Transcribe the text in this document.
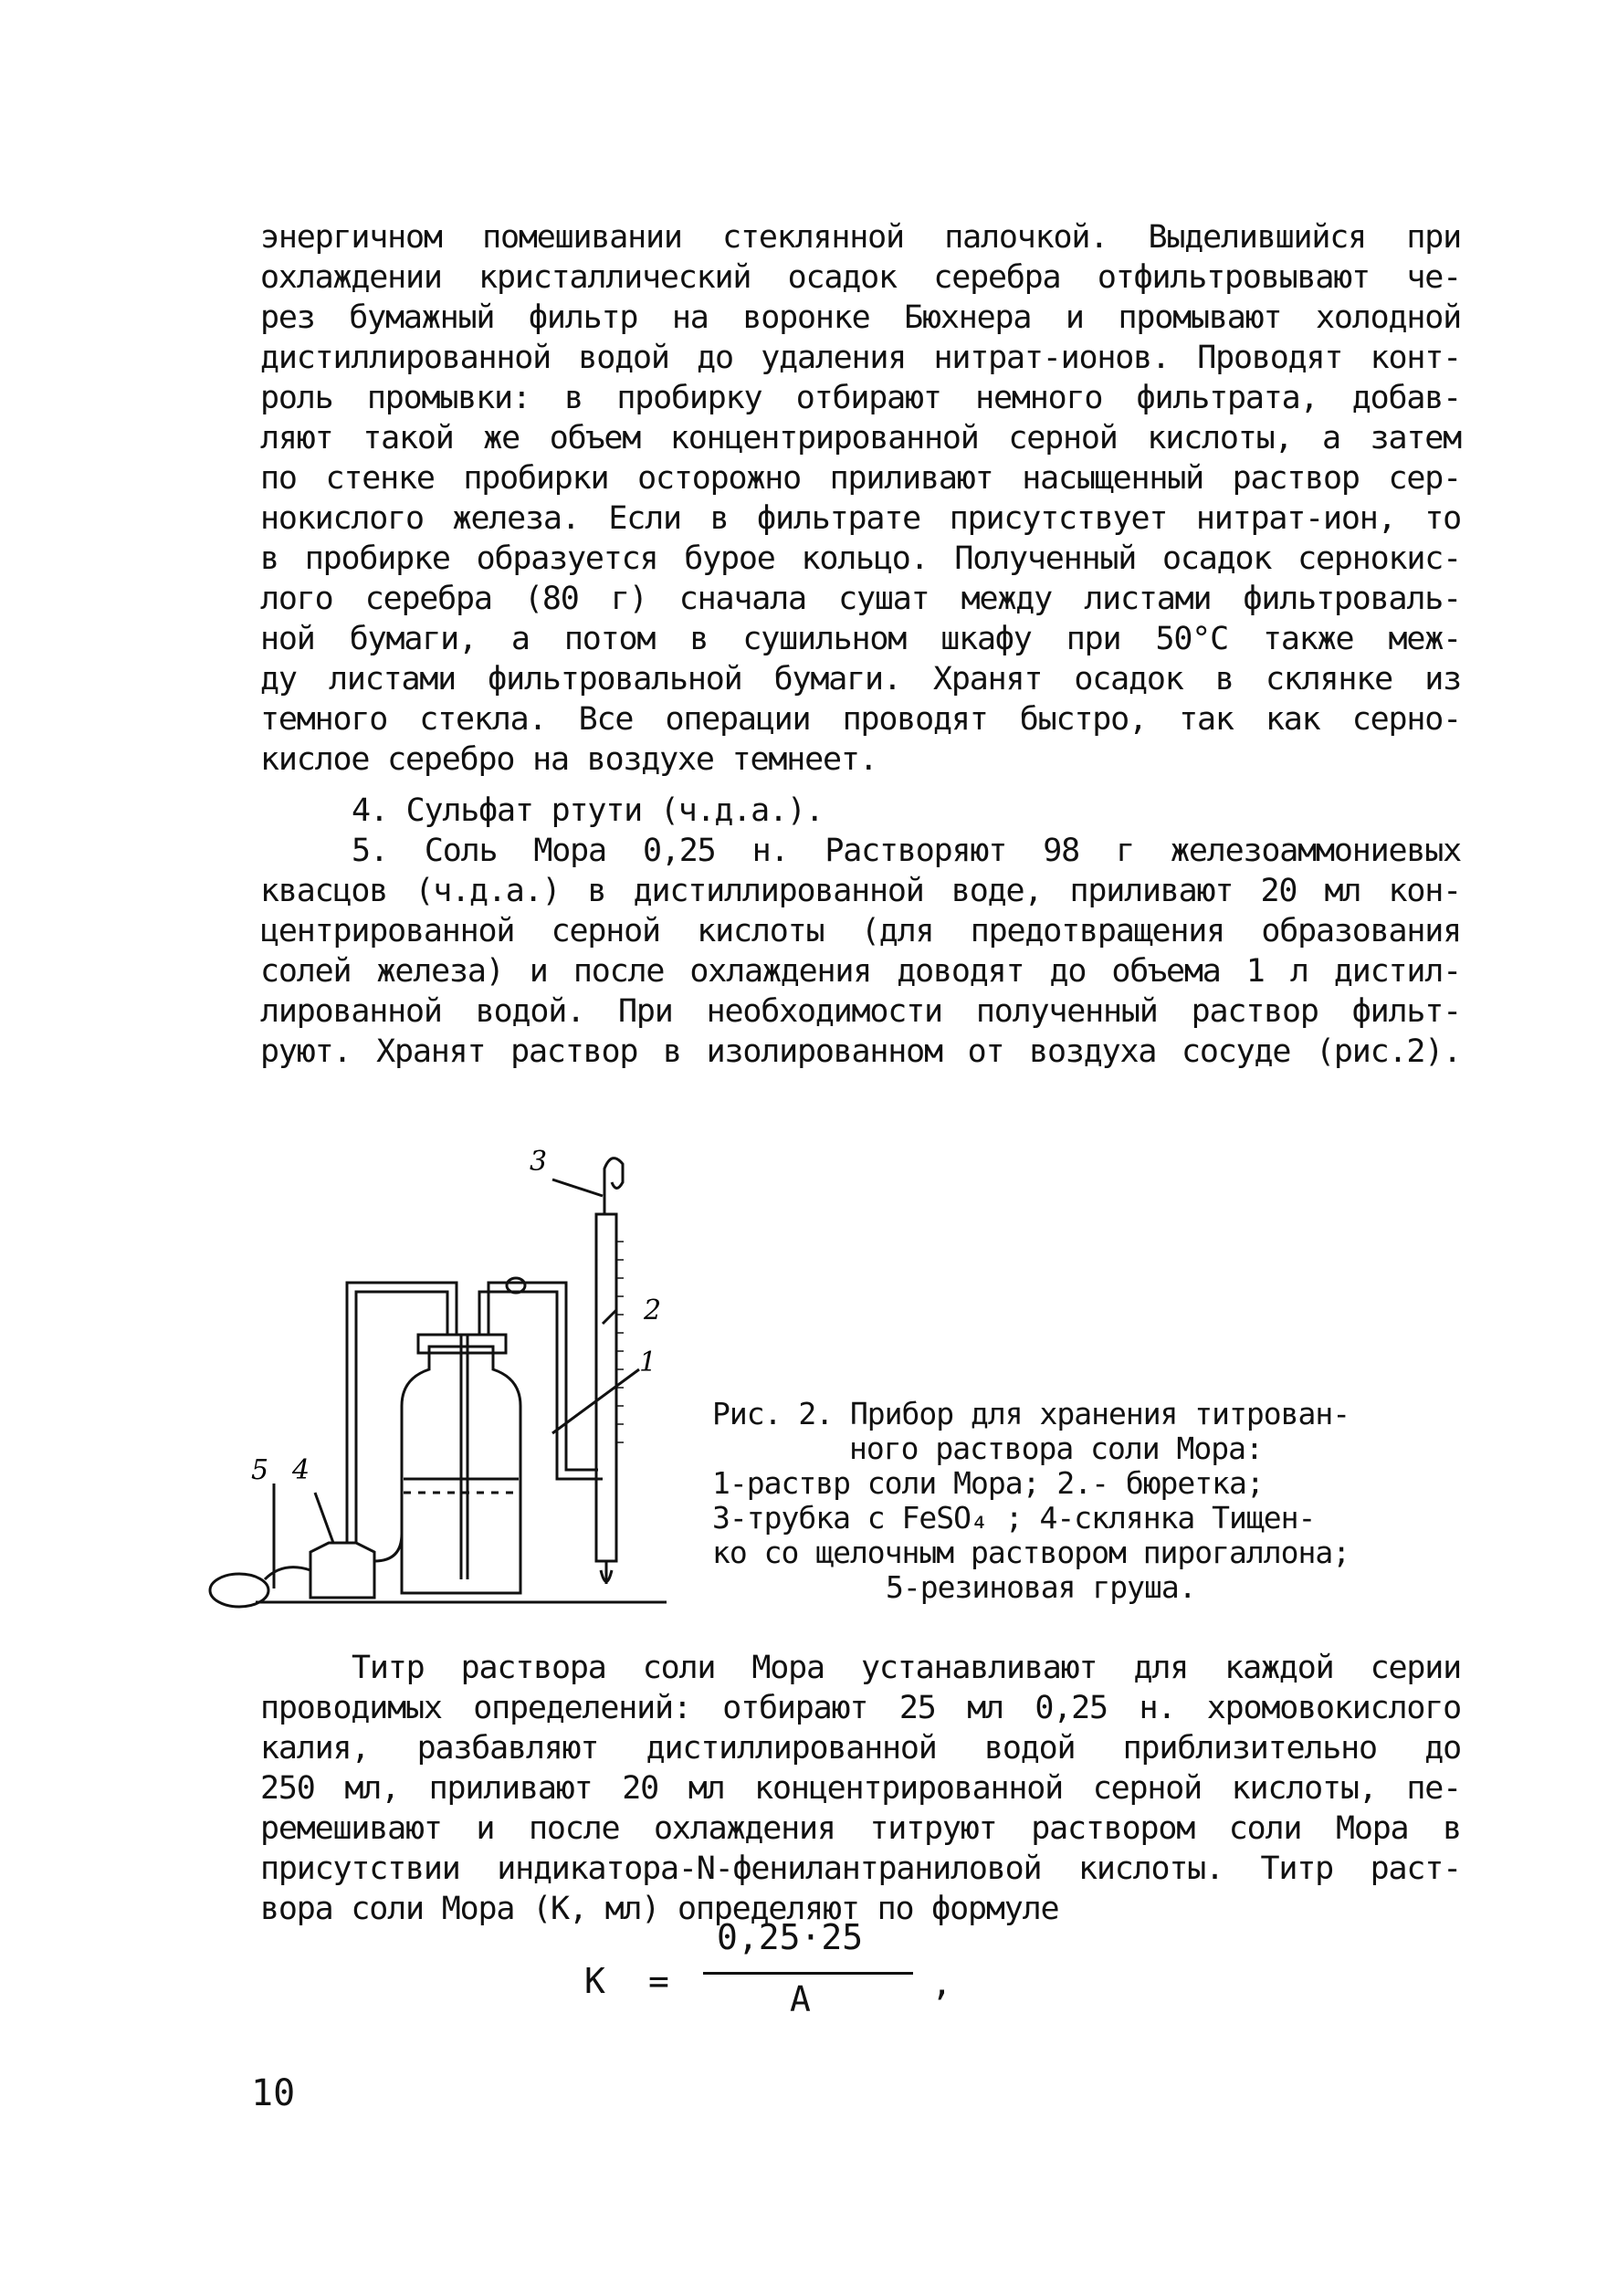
энергичном помешивании стеклянной палочкой. Выделившийся при

охлаждении кристаллический осадок серебра отфильтровывают че-

рез бумажный фильтр на воронке Бюхнера и промывают холодной

дистиллированной водой до удаления нитрат-ионов. Проводят конт-

роль промывки: в пробирку отбирают немного фильтрата, добав-

ляют такой же объем концентрированной серной кислоты, а затем

по стенке пробирки осторожно приливают насыщенный раствор сер-

нокислого железа. Если в фильтрате присутствует нитрат-ион, то

в пробирке образуется бурое кольцо. Полученный осадок сернокис-

лого серебра (80 г) сначала сушат между листами фильтроваль-

ной бумаги, а потом в сушильном шкафу при 50°С также меж-

ду листами фильтровальной бумаги. Хранят осадок в склянке из

темного стекла. Все операции проводят быстро, так как серно-

кислое серебро на воздухе темнеет.

4. Сульфат ртути (ч.д.а.).

5. Соль Мора 0,25 н. Растворяют 98 г железоаммониевых

квасцов (ч.д.а.) в дистиллированной воде, приливают 20 мл кон-

центрированной серной кислоты (для предотвращения образования

солей железа) и после охлаждения доводят до объема 1 л дистил-

лированной водой. При необходимости полученный раствор фильт-

руют. Хранят раствор в изолированном от воздуха сосуде (рис.2).

3
2
1
4
5

Рис. 2. Прибор для хранения титрован-

ного раствора соли Мора:

1-раствр соли Мора; 2.- бюретка;

3-трубка с FeSO₄ ; 4-склянка Тищен-

ко со щелочным раствором пирогаллона;

5-резиновая груша.

Титр раствора соли Мора устанавливают для каждой серии

проводимых определений: отбирают 25 мл 0,25 н. хромовокислого

калия, разбавляют дистиллированной водой приблизительно до

250 мл, приливают 20 мл концентрированной серной кислоты, пе-

ремешивают и после охлаждения титруют раствором соли Мора в

присутствии индикатора-N-фенилантраниловой кислоты. Титр раст-

вора соли Мора (К, мл) определяют по формуле

К =
0,25·25
А	,
10
